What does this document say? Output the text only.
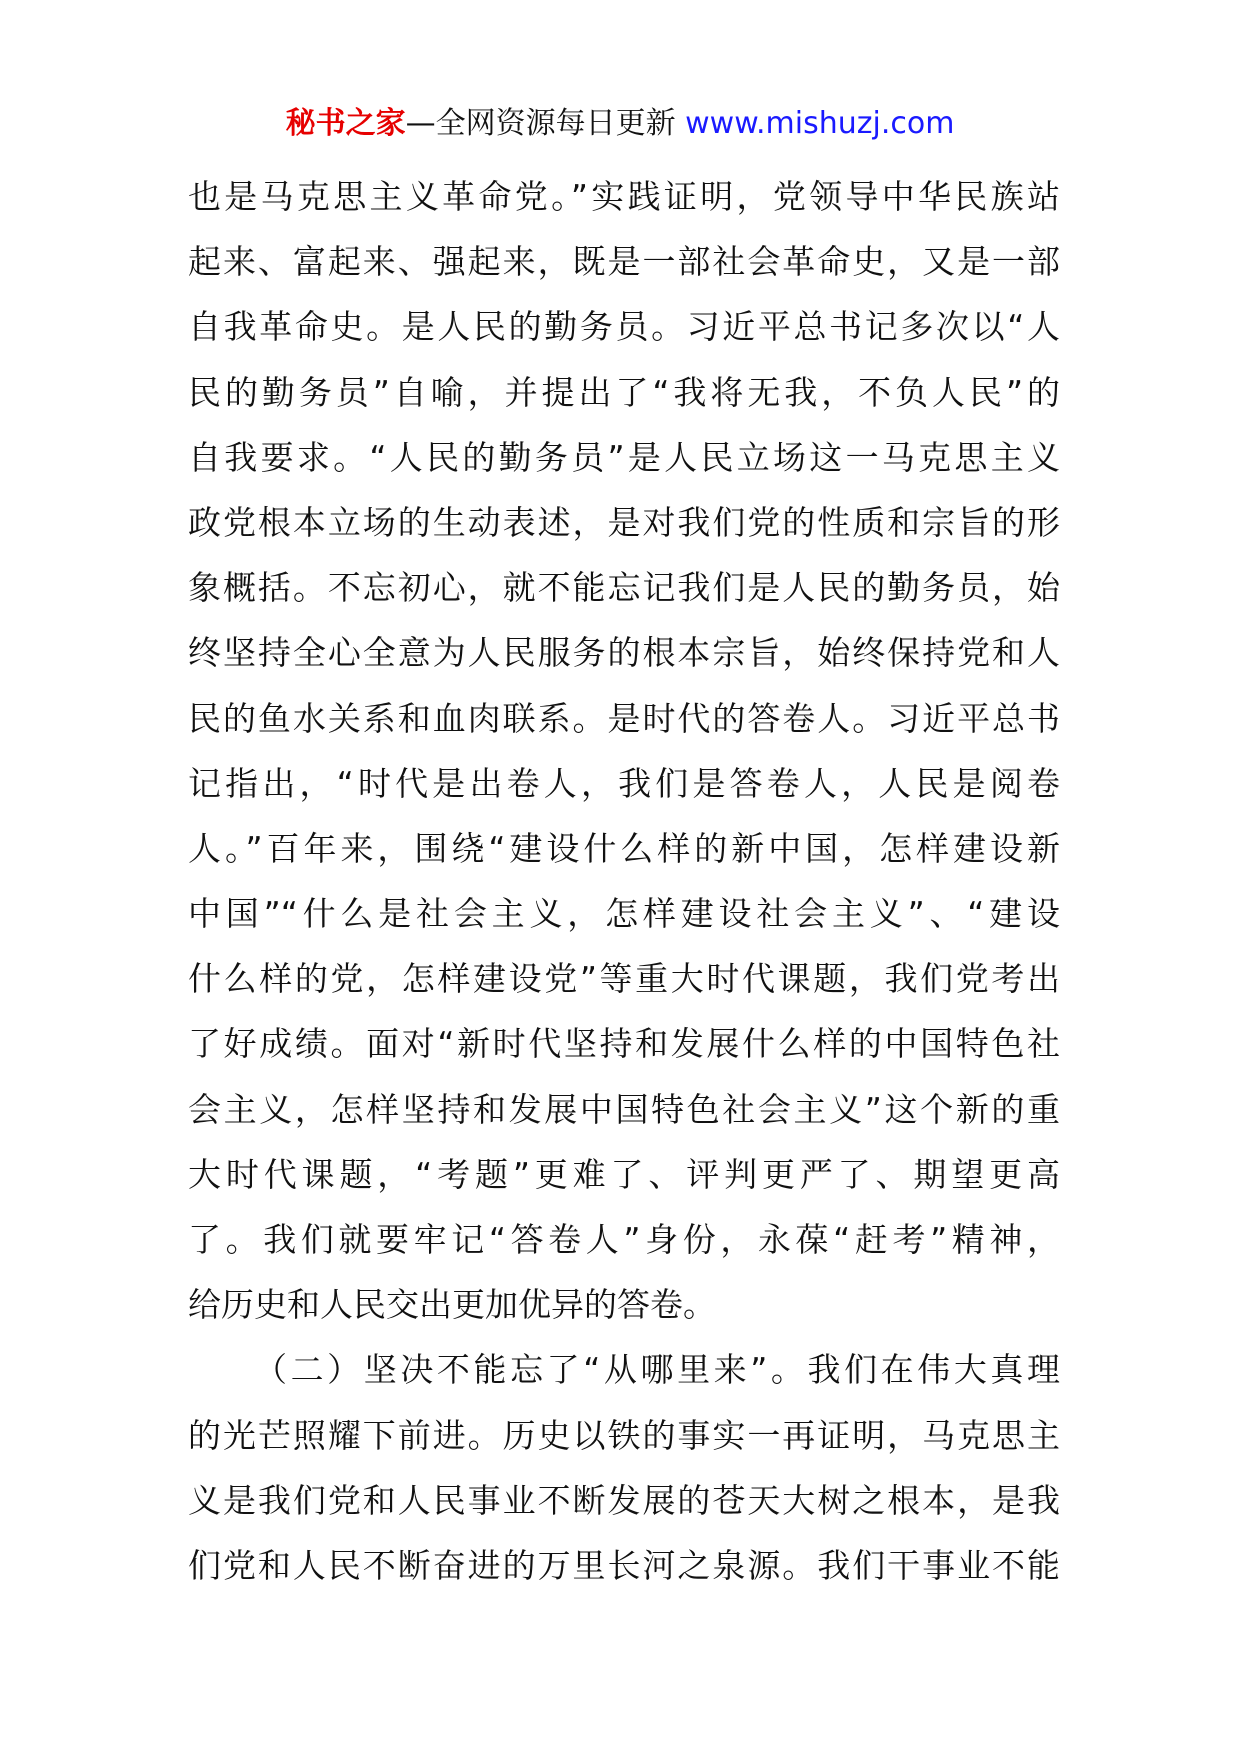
秘书之家—全网资源每日更新 www.mishuzj.com
也是马克思主义革命党。”实践证明，党领导中华民族站
起来、富起来、强起来，既是一部社会革命史，又是一部
自我革命史。是人民的勤务员。习近平总书记多次以“人
民的勤务员”自喻，并提出了“我将无我，不负人民”的
自我要求。“人民的勤务员”是人民立场这一马克思主义
政党根本立场的生动表述，是对我们党的性质和宗旨的形
象概括。不忘初心，就不能忘记我们是人民的勤务员，始
终坚持全心全意为人民服务的根本宗旨，始终保持党和人
民的鱼水关系和血肉联系。是时代的答卷人。习近平总书
记指出，“时代是出卷人，我们是答卷人，人民是阅卷
人。”百年来，围绕“建设什么样的新中国，怎样建设新
中国”“什么是社会主义，怎样建设社会主义”、“建设
什么样的党，怎样建设党”等重大时代课题，我们党考出
了好成绩。面对“新时代坚持和发展什么样的中国特色社
会主义，怎样坚持和发展中国特色社会主义”这个新的重
大时代课题，“考题”更难了、评判更严了、期望更高
了。我们就要牢记“答卷人”身份，永葆“赶考”精神，
给历史和人民交出更加优异的答卷。
（二）坚决不能忘了“从哪里来”。我们在伟大真理
的光芒照耀下前进。历史以铁的事实一再证明，马克思主
义是我们党和人民事业不断发展的苍天大树之根本，是我
们党和人民不断奋进的万里长河之泉源。我们干事业不能
